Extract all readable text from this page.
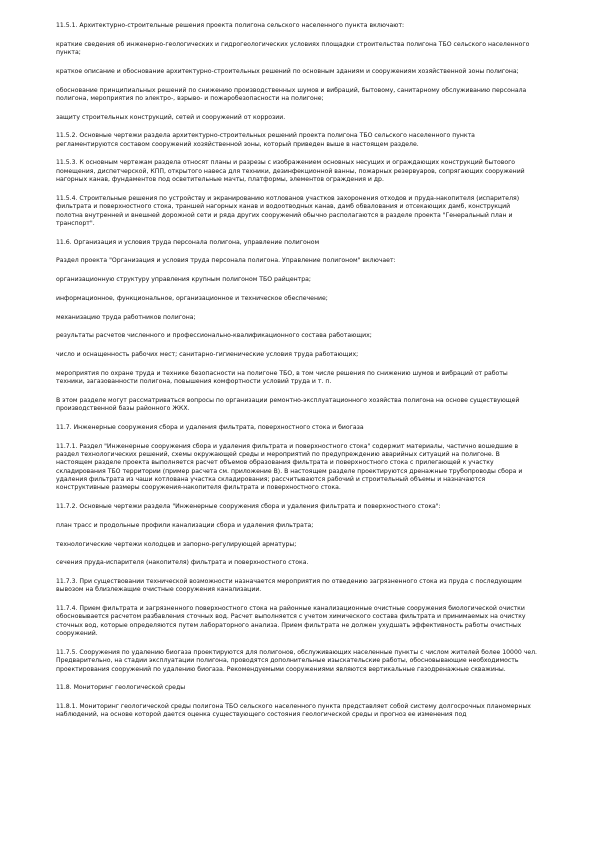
11.5.1. Архитектурно-строительные решения проекта полигона сельского населенного пункта включают:

краткие сведения об инженерно-геологических и гидрогеологических условиях площадки строительства полигона ТБО сельского населенного пункта;

краткое описание и обоснование архитектурно-строительных решений по основным зданиям и сооружениям хозяйственной зоны полигона;

обоснование принципиальных решений по снижению производственных шумов и вибраций, бытовому, санитарному обслуживанию персонала полигона, мероприятия по электро-, взрыво- и пожаробезопасности на полигоне;

защиту строительных конструкций, сетей и сооружений от коррозии.

11.5.2. Основные чертежи раздела архитектурно-строительных решений проекта полигона ТБО сельского населенного пункта регламентируются составом сооружений хозяйственной зоны, который приведен выше в настоящем разделе.

11.5.3. К основным чертежам раздела относят планы и разрезы с изображением основных несущих и ограждающих конструкций бытового помещения, диспетчерской, КПП, открытого навеса для техники, дезинфекционной ванны, пожарных резервуаров, сопрягающих сооружений нагорных канав, фундаментов под осветительные мачты, платформы, элементов ограждения и др.

11.5.4. Строительные решения по устройству и экранированию котлованов участков захоронения отходов и пруда-накопителя (испарителя) фильтрата и поверхностного стока, траншей нагорных канав и водоотводных канав, дамб обвалования и отсекающих дамб, конструкций полотна внутренней и внешней дорожной сети и ряда других сооружений обычно располагаются в разделе проекта "Генеральный план и транспорт".

11.6. Организация и условия труда персонала полигона, управление полигоном

Раздел проекта "Организация и условия труда персонала полигона. Управление полигоном" включает:

организационную структуру управления крупным полигоном ТБО райцентра;

информационное, функциональное, организационное и техническое обеспечение;

механизацию труда работников полигона;

результаты расчетов численного и профессионально-квалификационного состава работающих;

число и оснащенность рабочих мест; санитарно-гигиенические условия труда работающих;

мероприятия по охране труда и технике безопасности на полигоне ТБО, в том числе решения по снижению шумов и вибраций от работы техники, загазованности полигона, повышения комфортности условий труда и т. п.

В этом разделе могут рассматриваться вопросы по организации ремонтно-эксплуатационного хозяйства полигона на основе существующей производственной базы районного ЖКХ.

11.7. Инженерные сооружения сбора и удаления фильтрата, поверхностного стока и биогаза

11.7.1. Раздел "Инженерные сооружения сбора и удаления фильтрата и поверхностного стока" содержит материалы, частично вошедшие в раздел технологических решений, схемы окружающей среды и мероприятий по предупреждению аварийных ситуаций на полигоне. В настоящем разделе проекта выполняется расчет объемов образования фильтрата и поверхностного стока с прилегающей к участку складирования ТБО территории (пример расчета см. приложение В). В настоящем разделе проектируются дренажные трубопроводы сбора и удаления фильтрата из чаши котлована участка складирования; рассчитываются рабочий и строительный объемы и назначаются конструктивные размеры сооружения-накопителя фильтрата и поверхностного стока.

11.7.2. Основные чертежи раздела "Инженерные сооружения сбора и удаления фильтрата и поверхностного стока":

план трасс и продольные профили канализации сбора и удаления фильтрата;

технологические чертежи колодцев и запорно-регулирующей арматуры;

сечения пруда-испарителя (накопителя) фильтрата и поверхностного стока.

11.7.3. При существовании технической возможности назначается мероприятия по отведению загрязненного стока из пруда с последующим вывозом на близлежащие очистные сооружения канализации.

11.7.4. Прием фильтрата и загрязненного поверхностного стока на районные канализационные очистные сооружения биологической очистки обосновывается расчетом разбавления сточных вод. Расчет выполняется с учетом химического состава фильтрата и принимаемых на очистку сточных вод, которые определяются путем лабораторного анализа. Прием фильтрата не должен ухудшать эффективность работы очистных сооружений.

11.7.5. Сооружения по удалению биогаза проектируются для полигонов, обслуживающих населенные пункты с числом жителей более 10000 чел. Предварительно, на стадии эксплуатации полигона, проводятся дополнительные изыскательские работы, обосновывающие необходимость проектирования сооружений по удалению биогаза. Рекомендуемыми сооружениями являются вертикальные газодренажные скважины.

11.8. Мониторинг геологической среды

11.8.1. Мониторинг геологической среды полигона ТБО сельского населенного пункта представляет собой систему долгосрочных планомерных наблюдений, на основе которой дается оценка существующего состояния геологической среды и прогноз ее изменения под
